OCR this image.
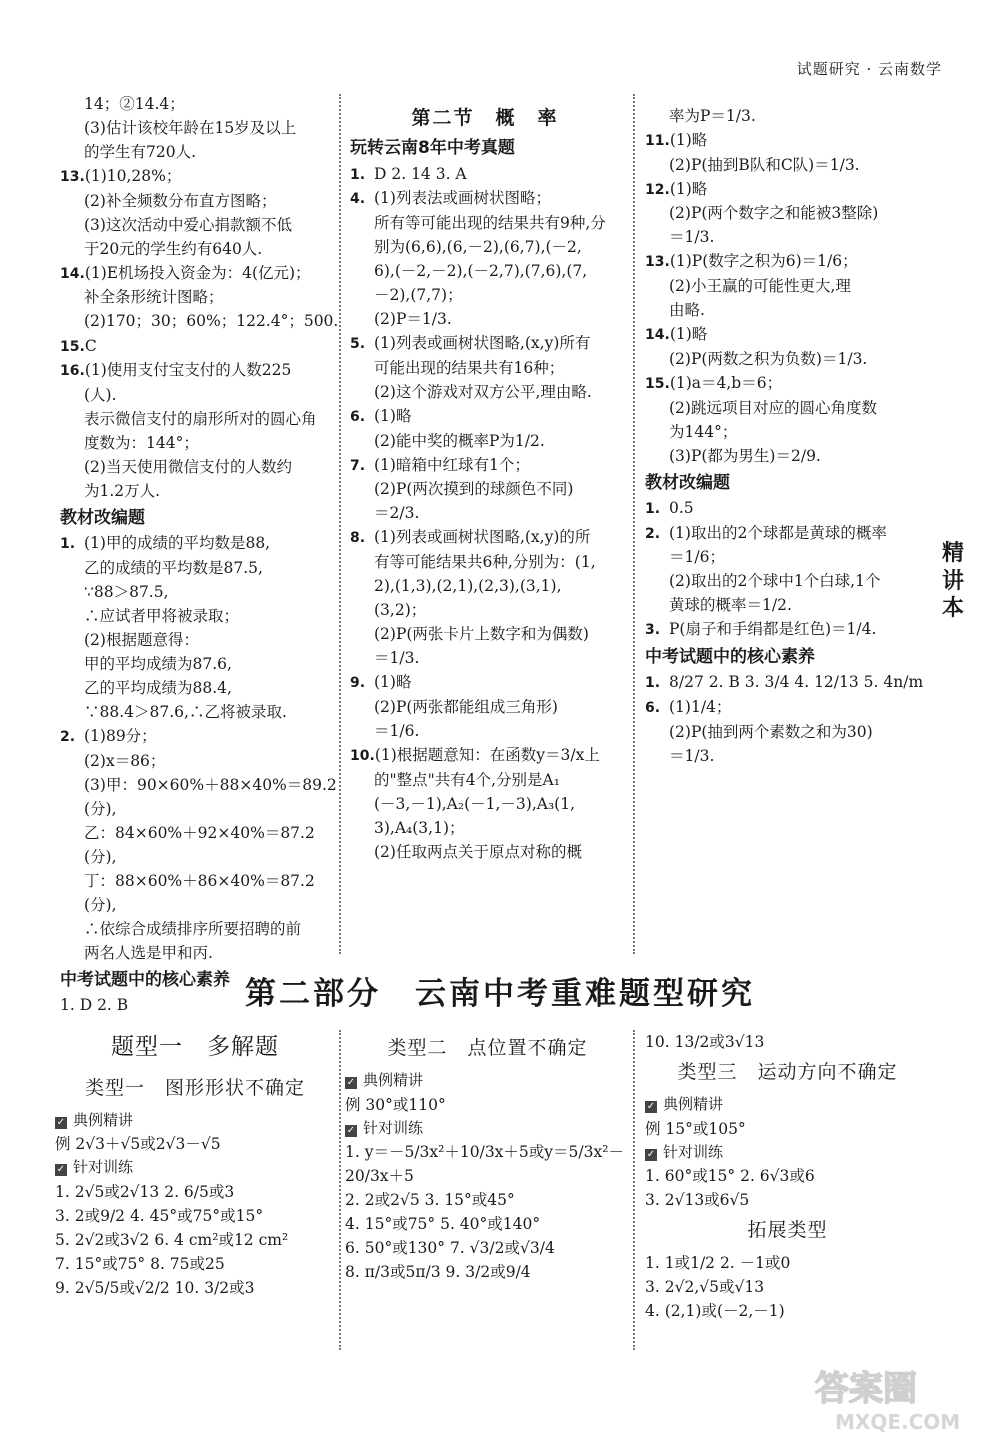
试题研究 · 云南数学
精
讲
本
14；②14.4；
(3)估计该校年龄在15岁及以上
的学生有720人.
13.(1)10,28%；
(2)补全频数分布直方图略；
(3)这次活动中爱心捐款额不低
于20元的学生约有640人.
14.(1)E机场投入资金为：4(亿元)；
补全条形统计图略；
(2)170；30；60%；122.4°；500.
15.C
16.(1)使用支付宝支付的人数225
(人).
表示微信支付的扇形所对的圆心角
度数为：144°；
(2)当天使用微信支付的人数约
为1.2万人.
教材改编题
1. (1)甲的成绩的平均数是88,
乙的成绩的平均数是87.5,
∵88＞87.5,
∴应试者甲将被录取；
(2)根据题意得：
甲的平均成绩为87.6,
乙的平均成绩为88.4,
∵88.4＞87.6,∴乙将被录取.
2. (1)89分；
(2)x＝86；
(3)甲：90×60%＋88×40%＝89.2
(分),
乙：84×60%＋92×40%＝87.2
(分),
丁：88×60%＋86×40%＝87.2
(分),
∴依综合成绩排序所要招聘的前
两名人选是甲和丙.
中考试题中的核心素养
1. D 2. B
第二节　概　率
玩转云南8年中考真题
1. D 2. 14 3. A
4. (1)列表法或画树状图略；
所有等可能出现的结果共有9种,分
别为(6,6),(6,－2),(6,7),(－2,
6),(－2,－2),(－2,7),(7,6),(7,
－2),(7,7)；
(2)P＝1/3.
5. (1)列表或画树状图略,(x,y)所有
可能出现的结果共有16种；
(2)这个游戏对双方公平,理由略.
6. (1)略
(2)能中奖的概率P为1/2.
7. (1)暗箱中红球有1个；
(2)P(两次摸到的球颜色不同)
＝2/3.
8. (1)列表或画树状图略,(x,y)的所
有等可能结果共6种,分别为：(1,
2),(1,3),(2,1),(2,3),(3,1),
(3,2)；
(2)P(两张卡片上数字和为偶数)
＝1/3.
9. (1)略
(2)P(两张都能组成三角形)
＝1/6.
10.(1)根据题意知：在函数y＝3/x上
的"整点"共有4个,分别是A₁
(－3,－1),A₂(－1,－3),A₃(1,
3),A₄(3,1)；
(2)任取两点关于原点对称的概
率为P＝1/3.
11.(1)略
(2)P(抽到B队和C队)＝1/3.
12.(1)略
(2)P(两个数字之和能被3整除)
＝1/3.
13.(1)P(数字之积为6)＝1/6；
(2)小王赢的可能性更大,理
由略.
14.(1)略
(2)P(两数之积为负数)＝1/3.
15.(1)a＝4,b＝6；
(2)跳远项目对应的圆心角度数
为144°；
(3)P(都为男生)＝2/9.
教材改编题
1. 0.5
2. (1)取出的2个球都是黄球的概率
＝1/6；
(2)取出的2个球中1个白球,1个
黄球的概率＝1/2.
3. P(扇子和手绢都是红色)＝1/4.
中考试题中的核心素养
1. 8/27 2. B 3. 3/4 4. 12/13 5. 4n/m
6. (1)1/4；
(2)P(抽到两个素数之和为30)
＝1/3.
第二部分　云南中考重难题型研究
题型一　多解题
类型一　图形形状不确定
✓ 典例精讲
例 2√3＋√5或2√3－√5
✓ 针对训练
1. 2√5或2√13 2. 6/5或3
3. 2或9/2 4. 45°或75°或15°
5. 2√2或3√2 6. 4 cm²或12 cm²
7. 15°或75° 8. 75或25
9. 2√5/5或√2/2 10. 3/2或3
类型二　点位置不确定
✓ 典例精讲
例 30°或110°
✓ 针对训练
1. y＝－5/3x²＋10/3x＋5或y＝5/3x²－
20/3x＋5
2. 2或2√5 3. 15°或45°
4. 15°或75° 5. 40°或140°
6. 50°或130° 7. √3/2或√3/4
8. π/3或5π/3 9. 3/2或9/4
10. 13/2或3√13
类型三　运动方向不确定
✓ 典例精讲
例 15°或105°
✓ 针对训练
1. 60°或15° 2. 6√3或6
3. 2√13或6√5
拓展类型
1. 1或1/2 2. －1或0
3. 2√2,√5或√13
4. (2,1)或(－2,－1)
答案圈
MXQE.COM
